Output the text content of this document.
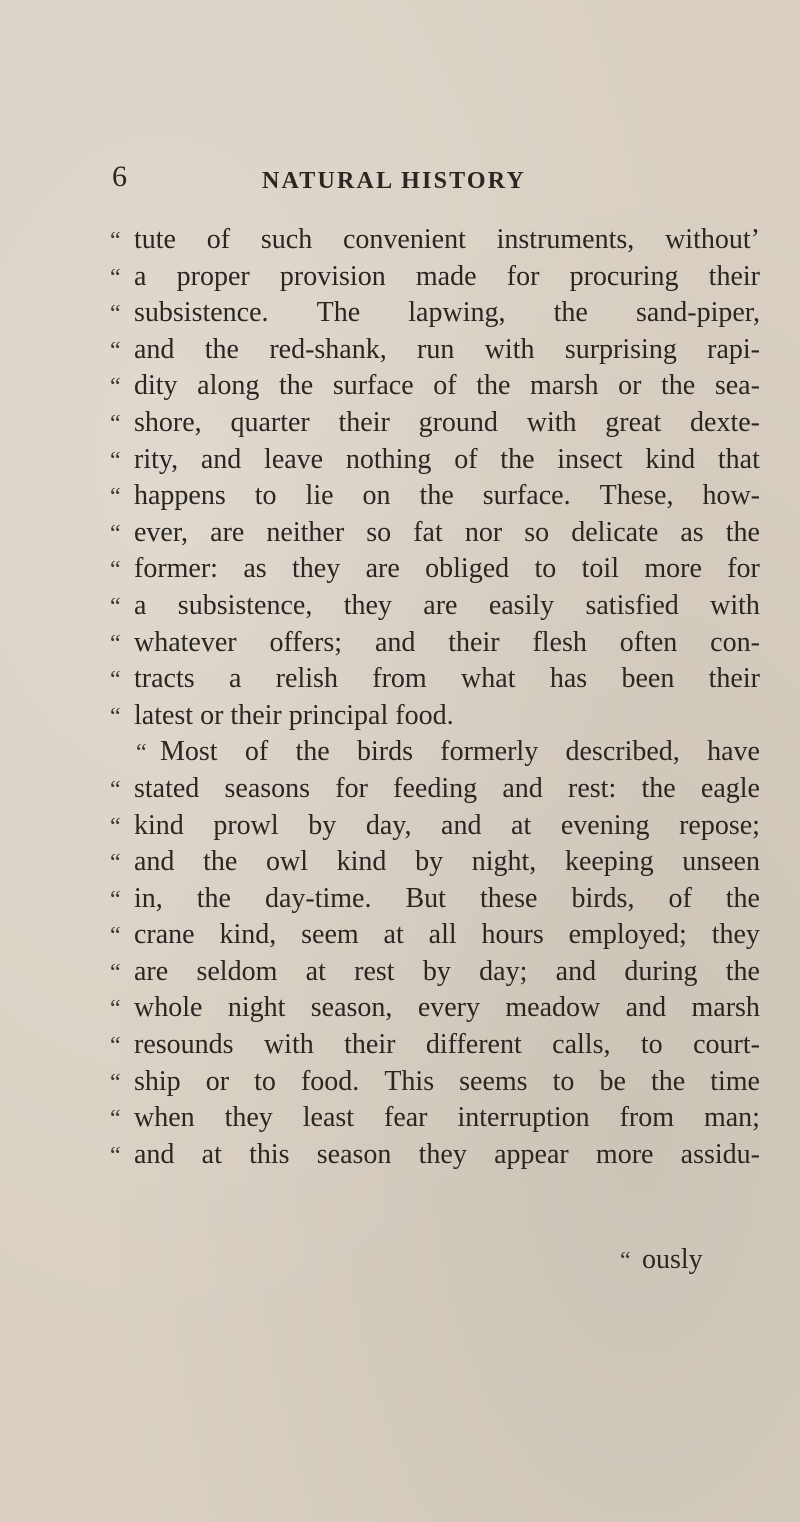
6	NATURAL HISTORY
“ tute of such convenient instruments, without’
“ a proper provision made for procuring their
“ subsistence. The lapwing, the sand-piper,
“ and the red-shank, run with surprising rapi-
“ dity along the surface of the marsh or the sea-
“ shore, quarter their ground with great dexte-
“ rity, and leave nothing of the insect kind that
“ happens to lie on the surface. These, how-
“ ever, are neither so fat nor so delicate as the
“ former: as they are obliged to toil more for
“ a subsistence, they are easily satisfied with
“ whatever offers; and their flesh often con-
“ tracts a relish from what has been their
“ latest or their principal food.
“ Most of the birds formerly described, have
“ stated seasons for feeding and rest: the eagle
“ kind prowl by day, and at evening repose;
“ and the owl kind by night, keeping unseen
“ in, the day-time. But these birds, of the
“ crane kind, seem at all hours employed; they
“ are seldom at rest by day; and during the
“ whole night season, every meadow and marsh
“ resounds with their different calls, to court-
“ ship or to food. This seems to be the time
“ when they least fear interruption from man;
“ and at this season they appear more assidu-
“ ously
